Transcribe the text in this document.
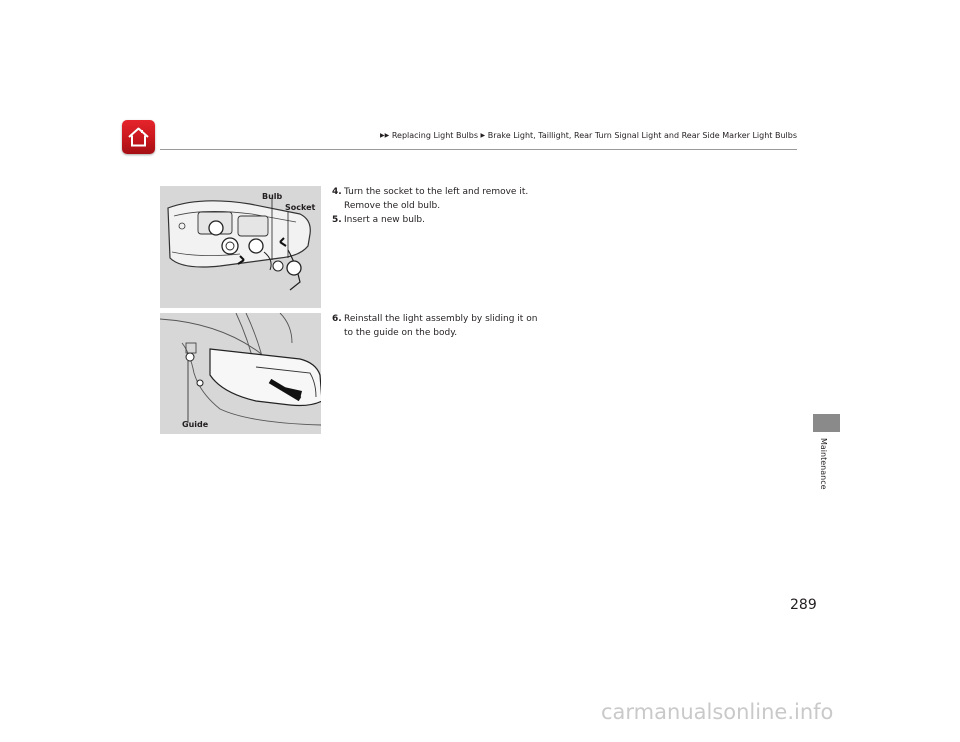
▶▶ Replacing Light Bulbs ▶ Brake Light, Taillight, Rear Turn Signal Light and Rear Side Marker Light Bulbs
Bulb
Socket
Guide
4. Turn the socket to the left and remove it.
Remove the old bulb.
5. Insert a new bulb.
6. Reinstall the light assembly by sliding it on
to the guide on the body.
Maintenance
289
carmanualsonline.info
